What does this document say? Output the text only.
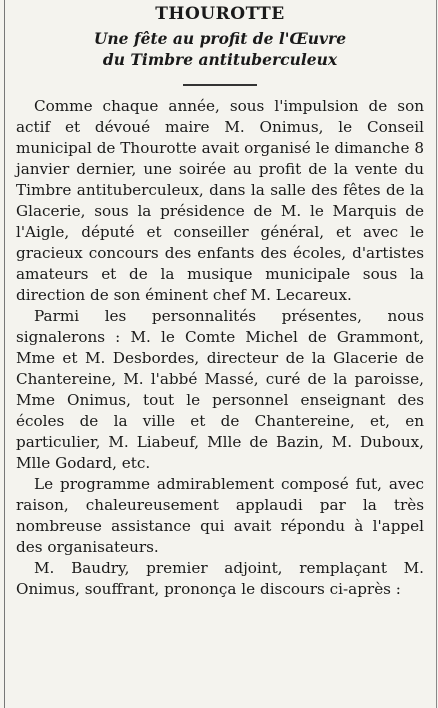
THOUROTTE
Une fête au profit de l'Œuvre
du Timbre antituberculeux

Comme chaque année, sous l'impulsion de son actif et dévoué maire M. Onimus, le Conseil municipal de Thourotte avait organisé le dimanche 8 janvier dernier, une soirée au profit de la vente du Timbre antituberculeux, dans la salle des fêtes de la Glacerie, sous la présidence de M. le Marquis de l'Aigle, député et conseiller général, et avec le gracieux concours des enfants des écoles, d'artistes amateurs et de la musique municipale sous la direction de son éminent chef M. Lecareux.

Parmi les personnalités présentes, nous signalerons : M. le Comte Michel de Grammont, Mme et M. Desbordes, directeur de la Glacerie de Chantereine, M. l'abbé Massé, curé de la paroisse, Mme Onimus, tout le personnel enseignant des écoles de la ville et de Chantereine, et, en particulier, M. Liabeuf, Mlle de Bazin, M. Duboux, Mlle Godard, etc.

Le programme admirablement composé fut, avec raison, chaleureusement applaudi par la très nombreuse assistance qui avait répondu à l'appel des organisateurs.

M. Baudry, premier adjoint, remplaçant M. Onimus, souffrant, prononça le discours ci-après :
